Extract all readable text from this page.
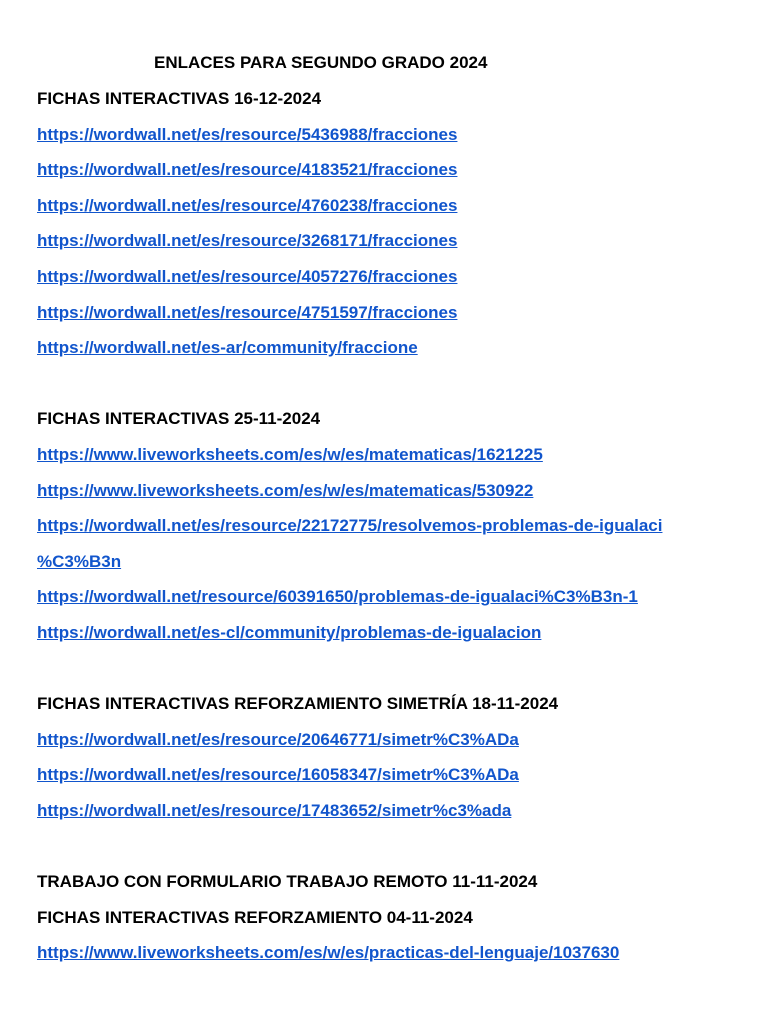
ENLACES PARA SEGUNDO GRADO 2024
FICHAS INTERACTIVAS 16-12-2024
https://wordwall.net/es/resource/5436988/fracciones
https://wordwall.net/es/resource/4183521/fracciones
https://wordwall.net/es/resource/4760238/fracciones
https://wordwall.net/es/resource/3268171/fracciones
https://wordwall.net/es/resource/4057276/fracciones
https://wordwall.net/es/resource/4751597/fracciones
https://wordwall.net/es-ar/community/fraccione
FICHAS INTERACTIVAS 25-11-2024
https://www.liveworksheets.com/es/w/es/matematicas/1621225
https://www.liveworksheets.com/es/w/es/matematicas/530922
https://wordwall.net/es/resource/22172775/resolvemos-problemas-de-igualaci
%C3%B3n
https://wordwall.net/resource/60391650/problemas-de-igualaci%C3%B3n-1
https://wordwall.net/es-cl/community/problemas-de-igualacion
FICHAS INTERACTIVAS REFORZAMIENTO SIMETRÍA 18-11-2024
https://wordwall.net/es/resource/20646771/simetr%C3%ADa
https://wordwall.net/es/resource/16058347/simetr%C3%ADa
https://wordwall.net/es/resource/17483652/simetr%c3%ada
TRABAJO CON FORMULARIO TRABAJO REMOTO 11-11-2024
FICHAS INTERACTIVAS REFORZAMIENTO 04-11-2024
https://www.liveworksheets.com/es/w/es/practicas-del-lenguaje/1037630
